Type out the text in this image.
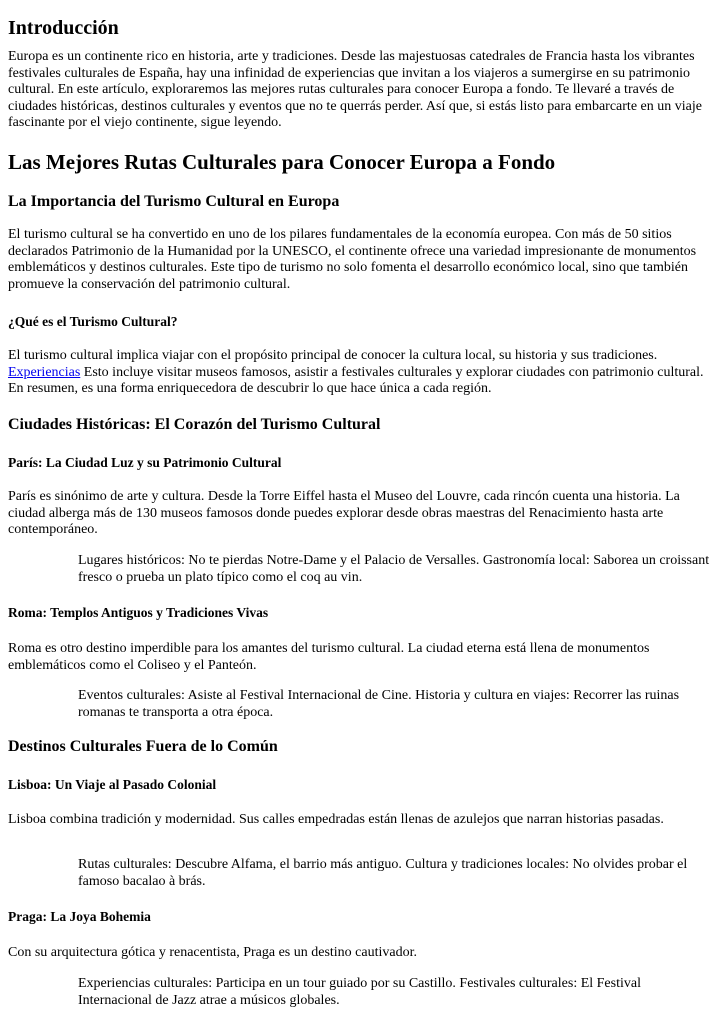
Introducción

Europa es un continente rico en historia, arte y tradiciones. Desde las majestuosas catedrales de Francia hasta los vibrantes festivales culturales de España, hay una infinidad de experiencias que invitan a los viajeros a sumergirse en su patrimonio cultural. En este artículo, exploraremos las mejores rutas culturales para conocer Europa a fondo. Te llevaré a través de ciudades históricas, destinos culturales y eventos que no te querrás perder. Así que, si estás listo para embarcarte en un viaje fascinante por el viejo continente, sigue leyendo.

Las Mejores Rutas Culturales para Conocer Europa a Fondo
La Importancia del Turismo Cultural en Europa

El turismo cultural se ha convertido en uno de los pilares fundamentales de la economía europea. Con más de 50 sitios declarados Patrimonio de la Humanidad por la UNESCO, el continente ofrece una variedad impresionante de monumentos emblemáticos y destinos culturales. Este tipo de turismo no solo fomenta el desarrollo económico local, sino que también promueve la conservación del patrimonio cultural.

¿Qué es el Turismo Cultural?

El turismo cultural implica viajar con el propósito principal de conocer la cultura local, su historia y sus tradiciones.
Experiencias Esto incluye visitar museos famosos, asistir a festivales culturales y explorar ciudades con patrimonio cultural. En resumen, es una forma enriquecedora de descubrir lo que hace única a cada región.

Ciudades Históricas: El Corazón del Turismo Cultural
París: La Ciudad Luz y su Patrimonio Cultural

París es sinónimo de arte y cultura. Desde la Torre Eiffel hasta el Museo del Louvre, cada rincón cuenta una historia. La ciudad alberga más de 130 museos famosos donde puedes explorar desde obras maestras del Renacimiento hasta arte contemporáneo.

Lugares históricos: No te pierdas Notre-Dame y el Palacio de Versalles. Gastronomía local: Saborea un croissant fresco o prueba un plato típico como el coq au vin.

Roma: Templos Antiguos y Tradiciones Vivas

Roma es otro destino imperdible para los amantes del turismo cultural. La ciudad eterna está llena de monumentos emblemáticos como el Coliseo y el Panteón.

Eventos culturales: Asiste al Festival Internacional de Cine. Historia y cultura en viajes: Recorrer las ruinas romanas te transporta a otra época.

Destinos Culturales Fuera de lo Común
Lisboa: Un Viaje al Pasado Colonial

Lisboa combina tradición y modernidad. Sus calles empedradas están llenas de azulejos que narran historias pasadas.

Rutas culturales: Descubre Alfama, el barrio más antiguo. Cultura y tradiciones locales: No olvides probar el famoso bacalao à brás.

Praga: La Joya Bohemia

Con su arquitectura gótica y renacentista, Praga es un destino cautivador.

Experiencias culturales: Participa en un tour guiado por su Castillo. Festivales culturales: El Festival Internacional de Jazz atrae a músicos globales.
